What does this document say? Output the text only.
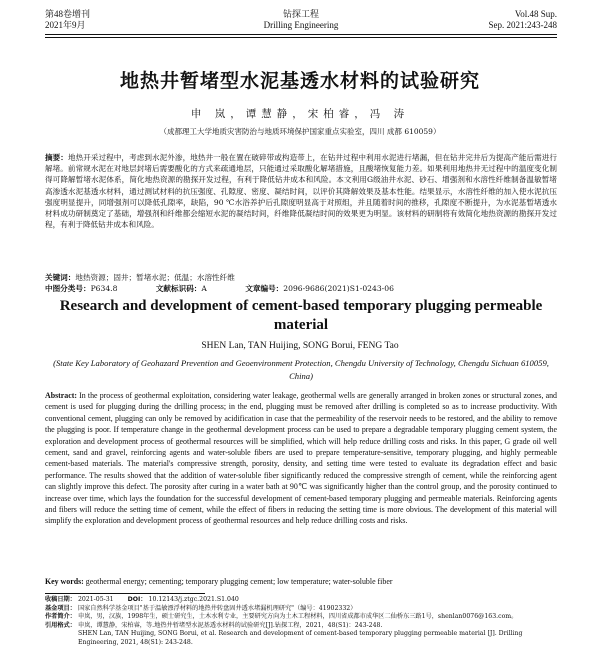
第48卷增刊
2021年9月
钻探工程
Drilling Engineering
Vol.48 Sup.
Sep. 2021:243-248
地热井暂堵型水泥基透水材料的试验研究
申 岚，谭慧静，宋柏睿，冯 涛
（成都理工大学地质灾害防治与地质环境保护国家重点实验室，四川 成都 610059）
摘要：地热开采过程中，考虑到水泥外渗，地热井一般在置在破碎带或构造带上，在钻井过程中利用水泥进行堵漏，但在钻井完井后为提高产能后需进行解堵。前常规水泥在对地层封堵后需要酸化的方式来疏通地层，只能通过采取酸化解堵措施，且酸堵恢复能力差。如果利用地热井无过程中的温度变化制得可降解暂堵水泥体系，简化地热资源的勘探开发过程，有利于降低钻井成本和风险。本文利用G级油井水泥、砂石、增强剂和水溶性纤维制备温敏暂堵高渗透水泥基透水材料，通过测试材料的抗压强度、孔隙度、密度、凝结时间，以评价其降解效果及基本性能。结果显示，水溶性纤维的加入使水泥抗压强度明显提升，同增强剂可以降低孔隙率，缺陷，90 ℃水浴养护后孔隙度明显高于对照组，并且随着时间的推移，孔隙度不断提升，为水泥基暂堵透水材料成功研制奠定了基础，增强剂和纤维都会缩短水泥的凝结时间，纤维降低凝结时间的效果更为明显。该材料的研制将有效简化地热资源的勘探开发过程，有利于降低钻井成本和风险。
关键词：地热资源；固井；暂堵水泥；低温；水溶性纤维
中图分类号：P634.8	文献标识码：A	文章编号：2096-9686(2021)S1-0243-06
Research and development of cement-based temporary plugging permeable material
SHEN Lan, TAN Huijing, SONG Borui, FENG Tao
(State Key Laboratory of Geohazard Prevention and Geoenvironment Protection, Chengdu University of Technology, Chengdu Sichuan 610059, China)
Abstract: In the process of geothermal exploitation, considering water leakage, geothermal wells are generally arranged in broken zones or structural zones, and cement is used for plugging during the drilling process; in the end, plugging must be removed after drilling is completed so as to increase productivity. With conventional cement, plugging can only be removed by acidification in case that the permeability of the reservoir needs to be restored, and the ability to remove the plugging is poor. If temperature change in the geothermal development process can be used to prepare a degradable temporary plugging cement system, the exploration and development process of geothermal resources will be simplified, which will help reduce drilling costs and risks. In this paper, G grade oil well cement, sand and gravel, reinforcing agents and water-soluble fibers are used to prepare temperature-sensitive, temporary plugging, and highly permeable cement-based materials. The material's compressive strength, porosity, density, and setting time were tested to evaluate its degradation effect and basic performance. The results showed that the addition of water-soluble fiber significantly reduced the compressive strength of cement, while the reinforcing agent can slightly improve this defect. The porosity after curing in a water bath at 90℃ was significantly higher than the control group, and the porosity continued to increase over time, which lays the foundation for the successful development of cement-based temporary plugging and permeable materials. Reinforcing agents and fibers will reduce the setting time of cement, while the effect of fibers in reducing the setting time is more obvious. The development of this material will simplify the exploration and development process of geothermal resources and help reduce drilling costs and risks.
Key words: geothermal energy; cementing; temporary plugging cement; low temperature; water-soluble fiber
收稿日期： 2021-05-31 DOI： 10.12143/j.ztgc.2021.S1.040
基金项目： 国家自然科学基金项目"基于温敏漂浮材料的地热井转盘固井透水堵漏机理研究"（编号：41902332）
作者简介： 申岚，男，汉族，1998年生，硕士研究生，土木水利专业，主要研究方向为土木工程材料，四川省成都市成华区二仙桥东三路1号，shenlan0076@163.com。
引用格式： 申岚，谭慧静，宋柏睿，等.地热井暂堵型水泥基透水材料的试验研究[J].钻探工程，2021，48(S1)：243-248.
SHEN Lan, TAN Huijing, SONG Borui, et al. Research and development of cement-based temporary plugging permeable material [J]. Drilling Engineering, 2021, 48(S1): 243-248.
